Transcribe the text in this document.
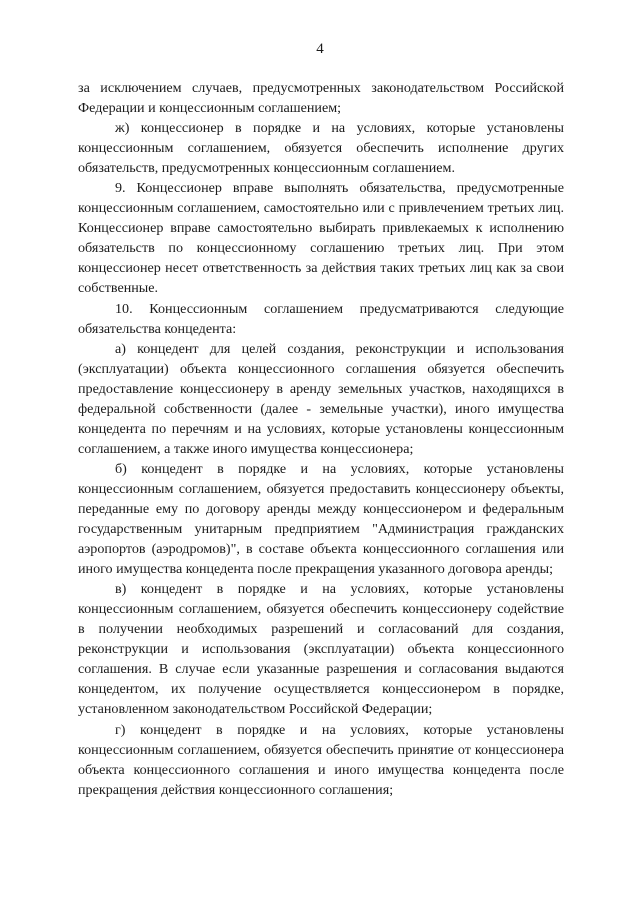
4

за исключением случаев, предусмотренных законодательством Российской Федерации и концессионным соглашением;

ж) концессионер в порядке и на условиях, которые установлены концессионным соглашением, обязуется обеспечить исполнение других обязательств, предусмотренных концессионным соглашением.

9. Концессионер вправе выполнять обязательства, предусмотренные концессионным соглашением, самостоятельно или с привлечением третьих лиц. Концессионер вправе самостоятельно выбирать привлекаемых к исполнению обязательств по концессионному соглашению третьих лиц. При этом концессионер несет ответственность за действия таких третьих лиц как за свои собственные.

10. Концессионным соглашением предусматриваются следующие обязательства концедента:

а) концедент для целей создания, реконструкции и использования (эксплуатации) объекта концессионного соглашения обязуется обеспечить предоставление концессионеру в аренду земельных участков, находящихся в федеральной собственности (далее - земельные участки), иного имущества концедента по перечням и на условиях, которые установлены концессионным соглашением, а также иного имущества концессионера;

б) концедент в порядке и на условиях, которые установлены концессионным соглашением, обязуется предоставить концессионеру объекты, переданные ему по договору аренды между концессионером и федеральным государственным унитарным предприятием "Администрация гражданских аэропортов (аэродромов)", в составе объекта концессионного соглашения или иного имущества концедента после прекращения указанного договора аренды;

в) концедент в порядке и на условиях, которые установлены концессионным соглашением, обязуется обеспечить концессионеру содействие в получении необходимых разрешений и согласований для создания, реконструкции и использования (эксплуатации) объекта концессионного соглашения. В случае если указанные разрешения и согласования выдаются концедентом, их получение осуществляется концессионером в порядке, установленном законодательством Российской Федерации;

г) концедент в порядке и на условиях, которые установлены концессионным соглашением, обязуется обеспечить принятие от концессионера объекта концессионного соглашения и иного имущества концедента после прекращения действия концессионного соглашения;
